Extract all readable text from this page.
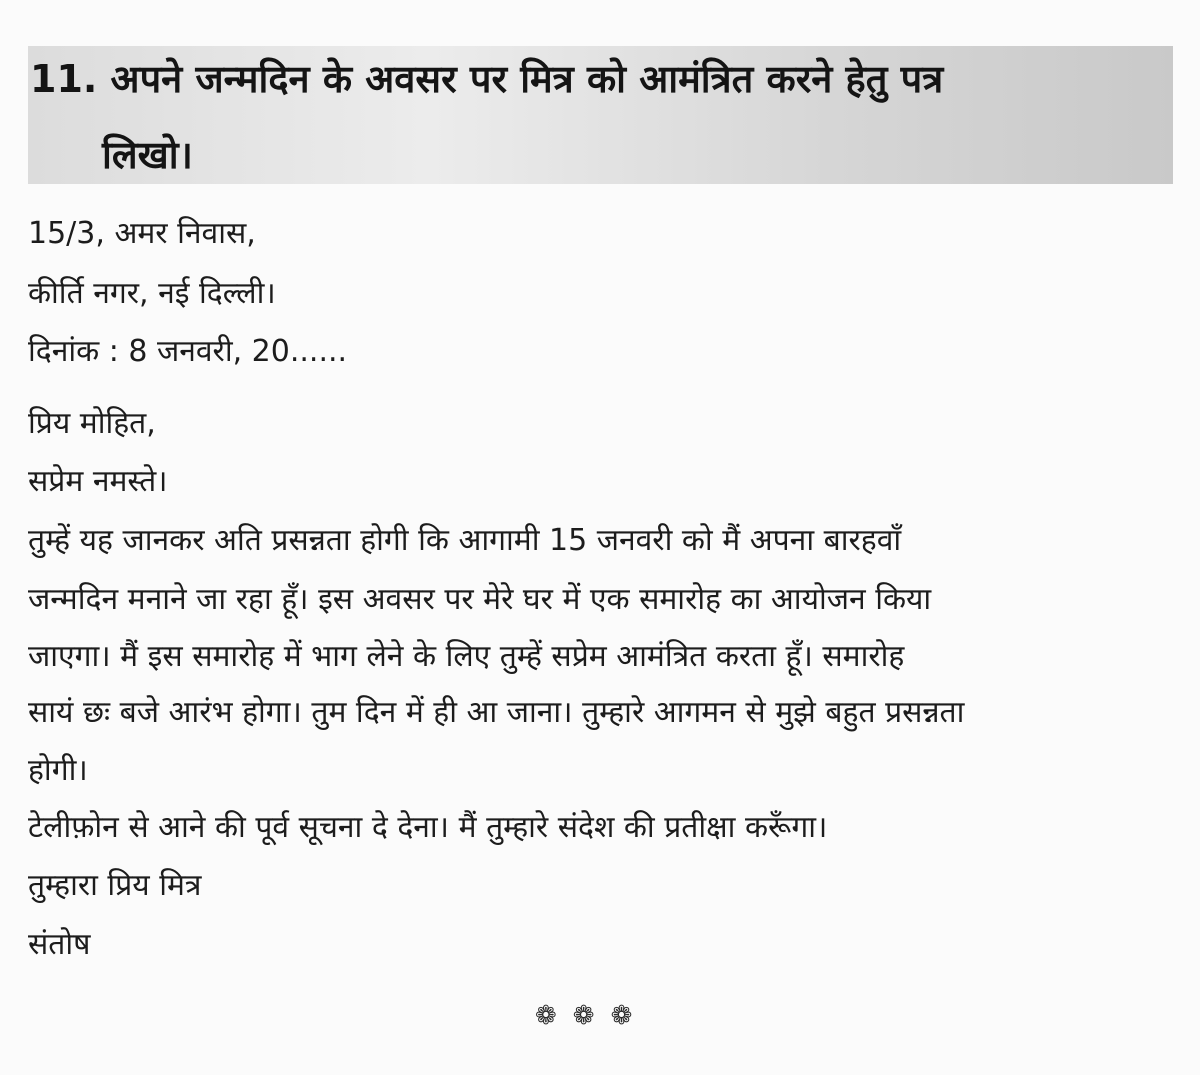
11. अपने जन्मदिन के अवसर पर मित्र को आमंत्रित करने हेतु पत्र
लिखो।
15/3, अमर निवास,
कीर्ति नगर, नई दिल्ली।
दिनांक : 8 जनवरी, 20......
प्रिय मोहित,
सप्रेम नमस्ते।
तुम्हें यह जानकर अति प्रसन्नता होगी कि आगामी 15 जनवरी को मैं अपना बारहवाँ
जन्मदिन मनाने जा रहा हूँ। इस अवसर पर मेरे घर में एक समारोह का आयोजन किया
जाएगा। मैं इस समारोह में भाग लेने के लिए तुम्हें सप्रेम आमंत्रित करता हूँ। समारोह
सायं छः बजे आरंभ होगा। तुम दिन में ही आ जाना। तुम्हारे आगमन से मुझे बहुत प्रसन्नता
होगी।
टेलीफ़ोन से आने की पूर्व सूचना दे देना। मैं तुम्हारे संदेश की प्रतीक्षा करूँगा।
तुम्हारा प्रिय मित्र
संतोष
❁ ❁ ❁
